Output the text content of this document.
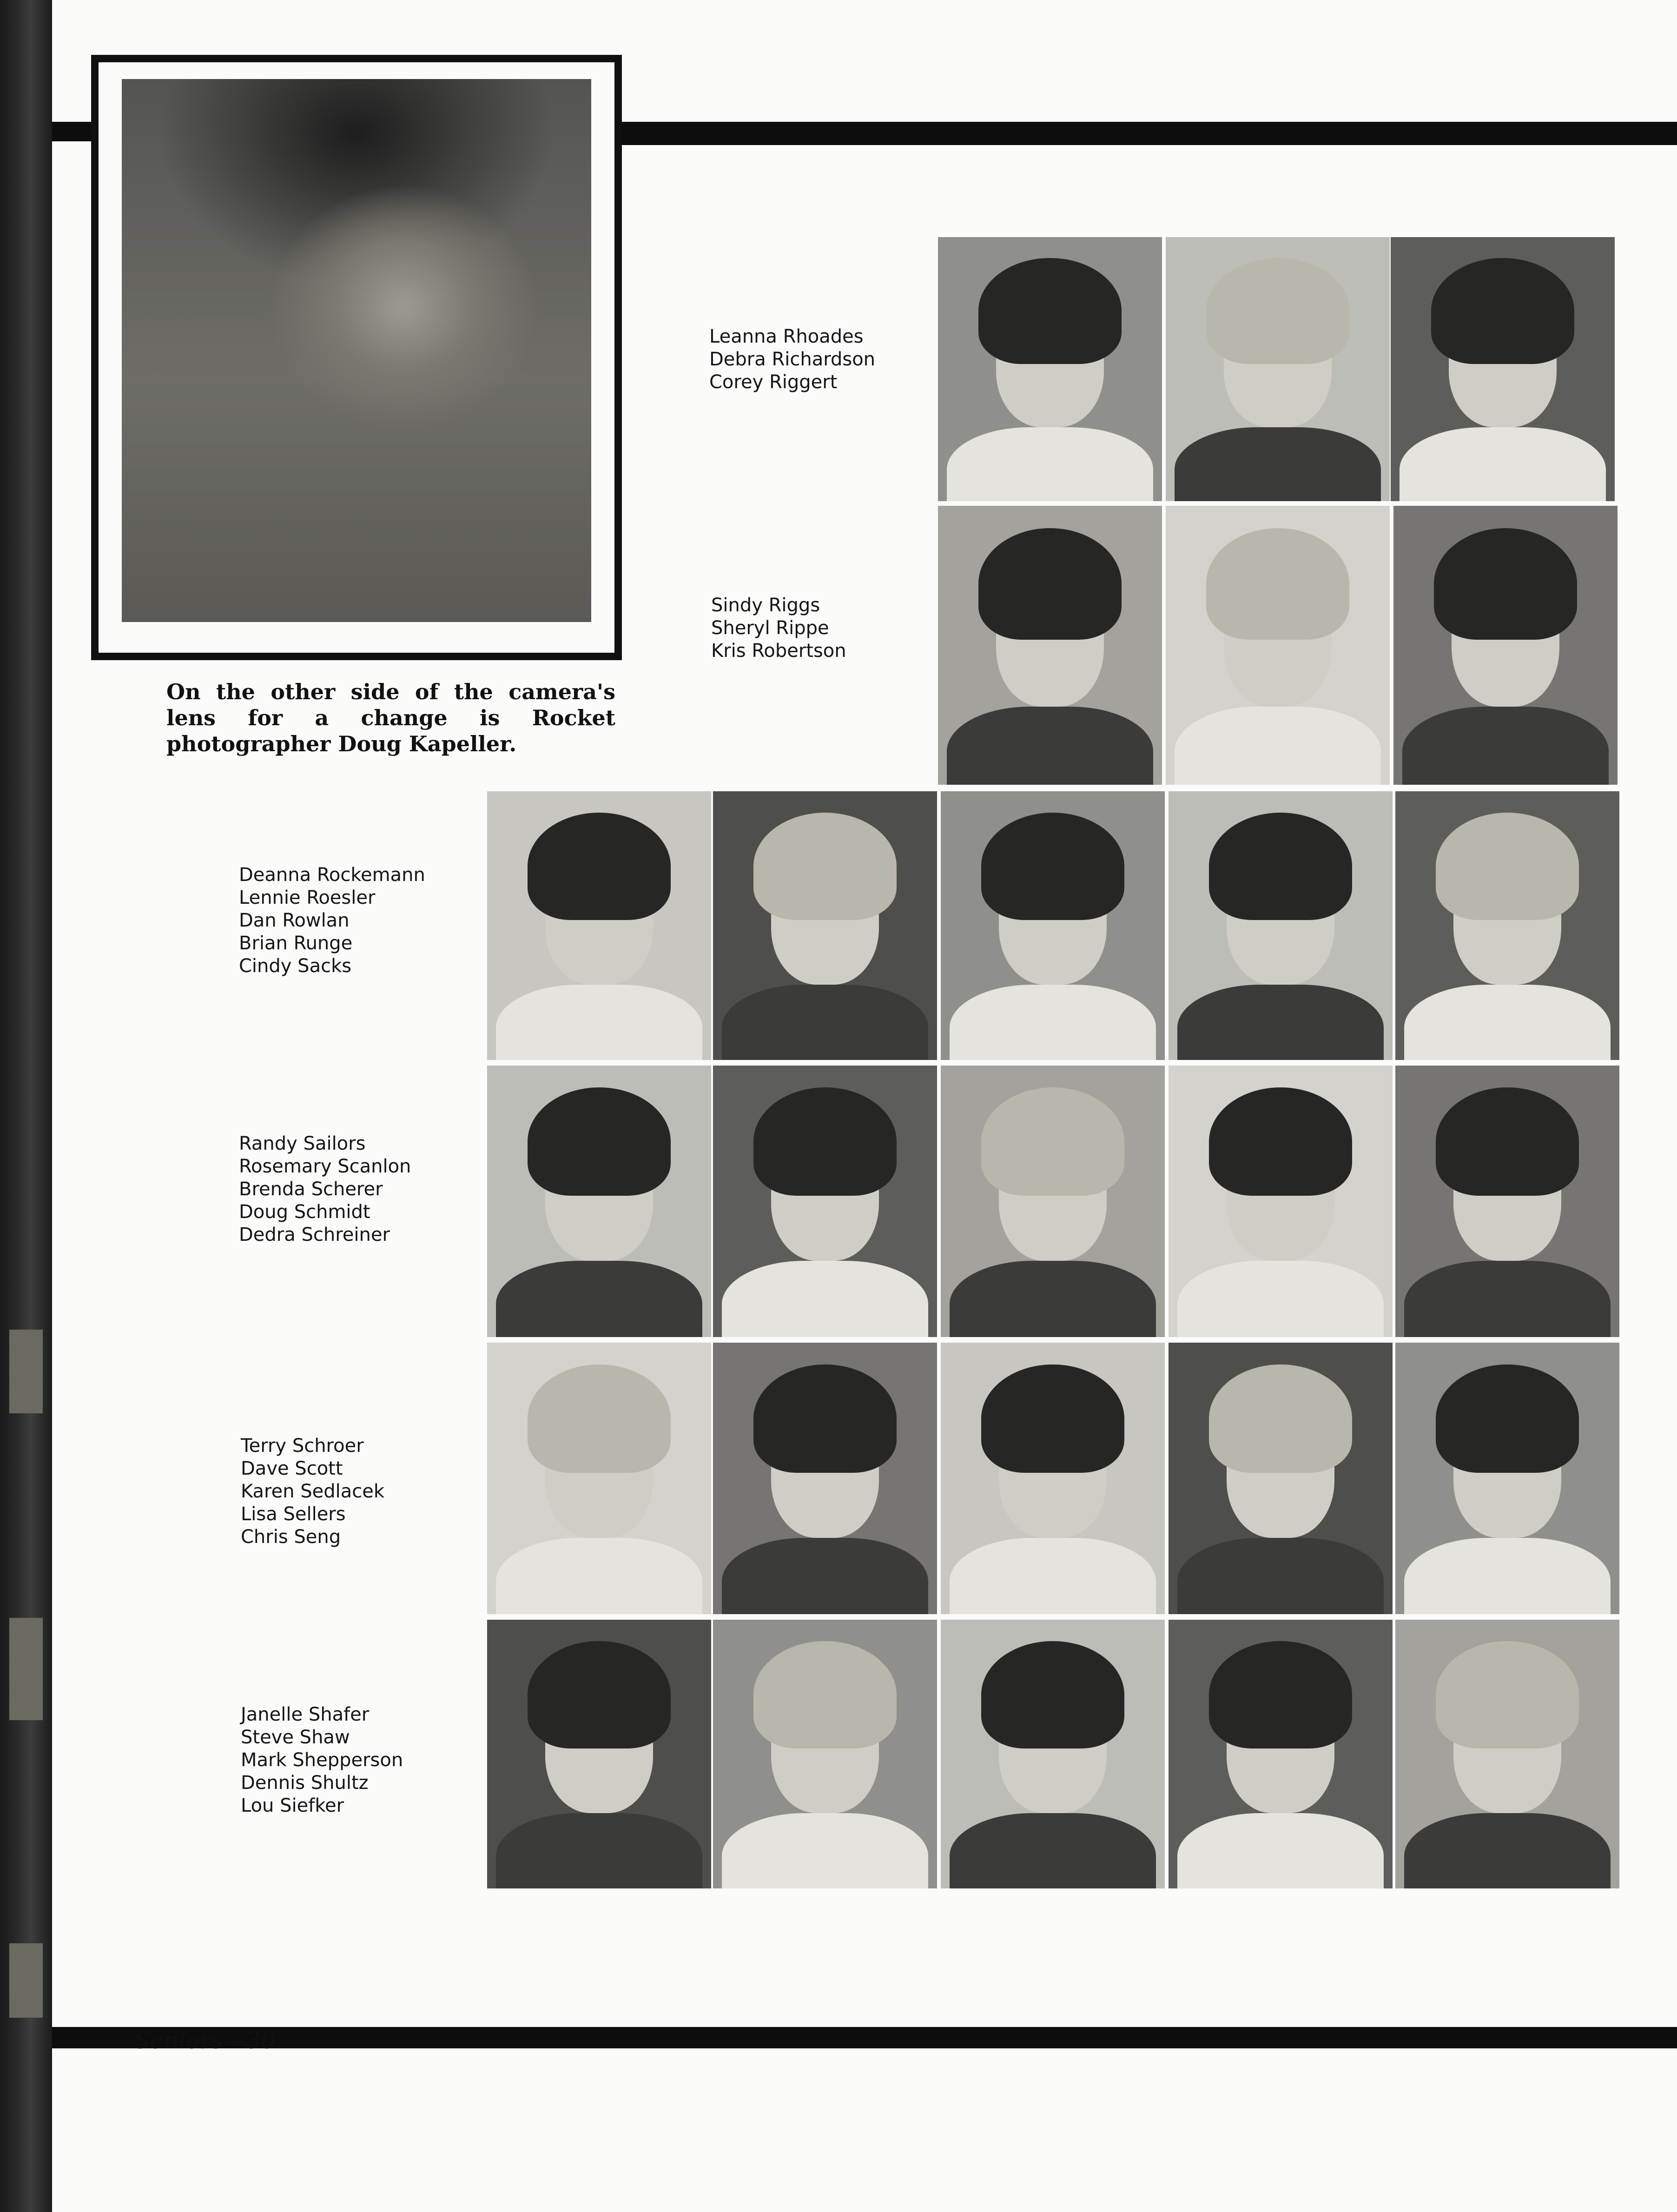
On the other side of the camera's lens for a change is Rocket photographer Doug Kapeller.
Leanna Rhoades
Debra Richardson
Corey Riggert
Sindy Riggs
Sheryl Rippe
Kris Robertson
Deanna Rockemann
Lennie Roesler
Dan Rowlan
Brian Runge
Cindy Sacks
Randy Sailors
Rosemary Scanlon
Brenda Scherer
Doug Schmidt
Dedra Schreiner
Terry Schroer
Dave Scott
Karen Sedlacek
Lisa Sellers
Chris Seng
Janelle Shafer
Steve Shaw
Mark Shepperson
Dennis Shultz
Lou Siefker
Seniors—30
